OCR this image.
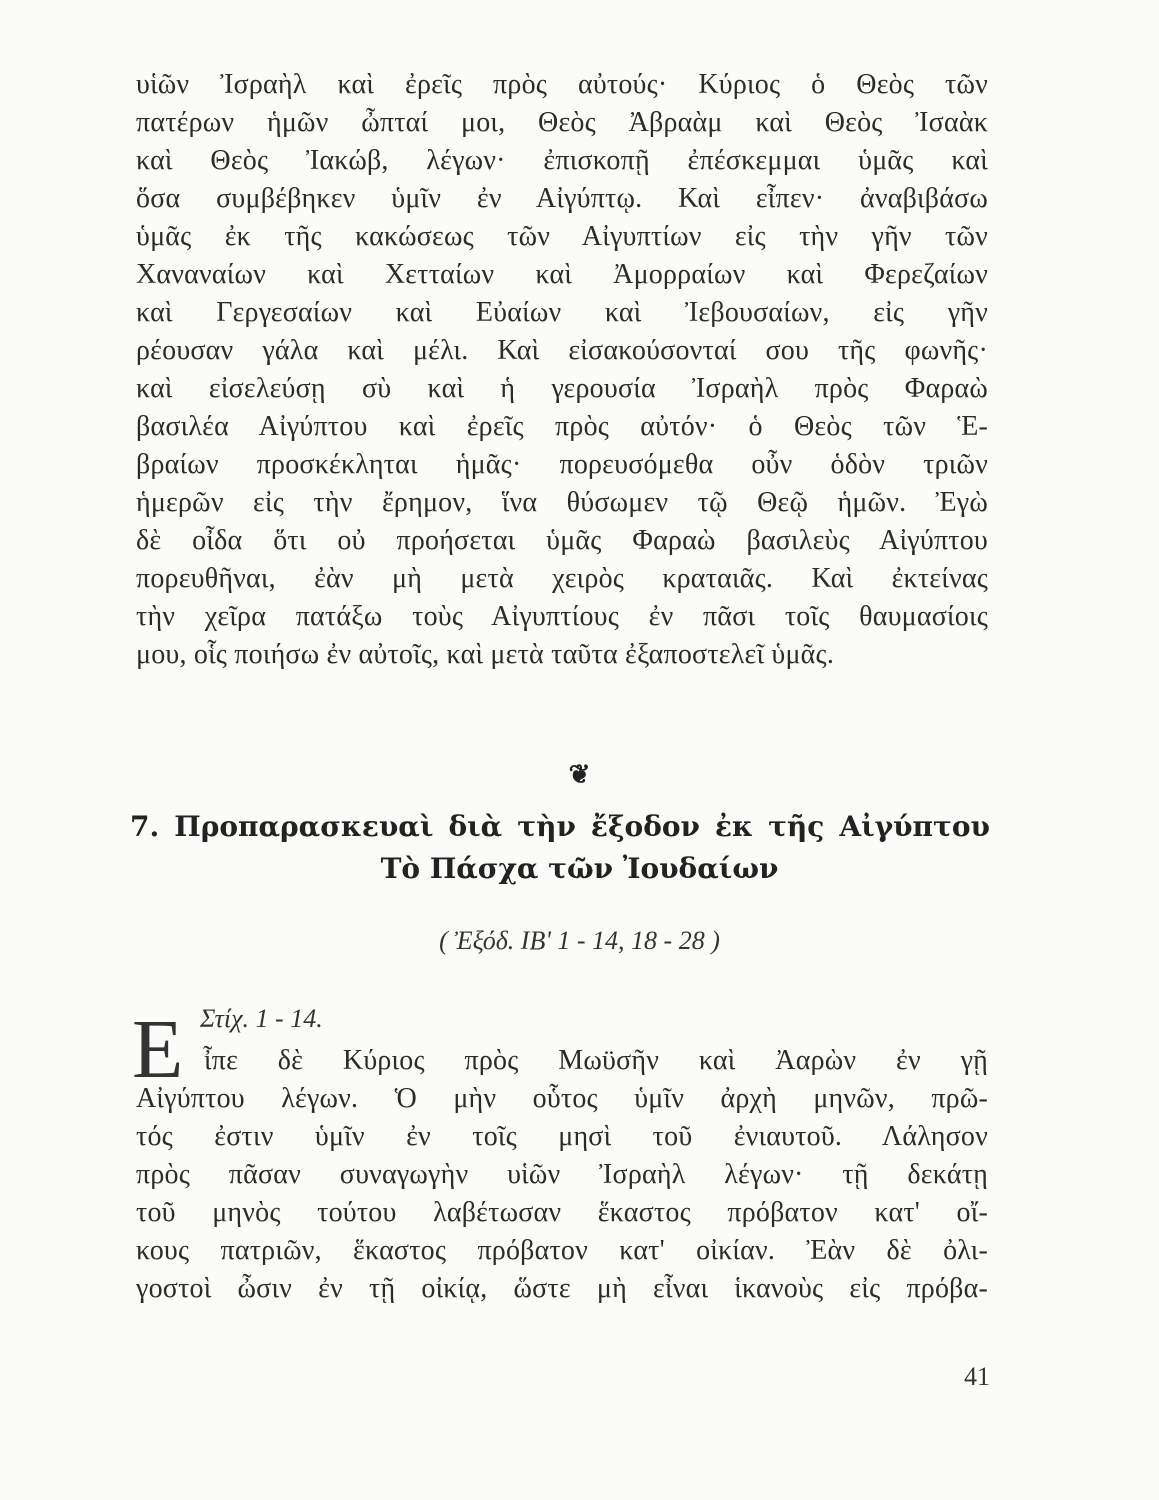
υἱῶν Ἰσραὴλ καὶ ἐρεῖς πρὸς αὐτούς· Κύριος ὁ Θεὸς τῶν
πατέρων ἡμῶν ὦπταί μοι, Θεὸς Ἀβραὰμ καὶ Θεὸς Ἰσαὰκ
καὶ Θεὸς Ἰακώβ, λέγων· ἐπισκοπῇ ἐπέσκεμμαι ὑμᾶς καὶ
ὅσα συμβέβηκεν ὑμῖν ἐν Αἰγύπτῳ. Καὶ εἶπεν· ἀναβιβάσω
ὑμᾶς ἐκ τῆς κακώσεως τῶν Αἰγυπτίων εἰς τὴν γῆν τῶν
Χαναναίων καὶ Χετταίων καὶ Ἀμορραίων καὶ Φερεζαίων
καὶ Γεργεσαίων καὶ Εὐαίων καὶ Ἰεβουσαίων, εἰς γῆν
ρέουσαν γάλα καὶ μέλι. Καὶ εἰσακούσονταί σου τῆς φωνῆς·
καὶ εἰσελεύσῃ σὺ καὶ ἡ γερουσία Ἰσραὴλ πρὸς Φαραὼ
βασιλέα Αἰγύπτου καὶ ἐρεῖς πρὸς αὐτόν· ὁ Θεὸς τῶν Ἑ-
βραίων προσκέκληται ἡμᾶς· πορευσόμεθα οὖν ὁδὸν τριῶν
ἡμερῶν εἰς τὴν ἔρημον, ἵνα θύσωμεν τῷ Θεῷ ἡμῶν. Ἐγὼ
δὲ οἶδα ὅτι οὐ προήσεται ὑμᾶς Φαραὼ βασιλεὺς Αἰγύπτου
πορευθῆναι, ἐὰν μὴ μετὰ χειρὸς κραταιᾶς. Καὶ ἐκτείνας
τὴν χεῖρα πατάξω τοὺς Αἰγυπτίους ἐν πᾶσι τοῖς θαυμασίοις
μου, οἷς ποιήσω ἐν αὐτοῖς, καὶ μετὰ ταῦτα ἐξαποστελεῖ ὑμᾶς.
❦
7. Προπαρασκευαὶ διὰ τὴν ἔξοδον ἐκ τῆς Αἰγύπτου
Τὸ Πάσχα τῶν Ἰουδαίων
( Ἐξόδ. ΙΒ' 1 - 14, 18 - 28 )
Ε Στίχ. 1 - 14.
ἶπε δὲ Κύριος πρὸς Μωϋσῆν καὶ Ἀαρὼν ἐν γῇ
Αἰγύπτου λέγων. Ὁ μὴν οὗτος ὑμῖν ἀρχὴ μηνῶν, πρῶ-
τός ἐστιν ὑμῖν ἐν τοῖς μησὶ τοῦ ἐνιαυτοῦ. Λάλησον
πρὸς πᾶσαν συναγωγὴν υἱῶν Ἰσραὴλ λέγων· τῇ δεκάτῃ
τοῦ μηνὸς τούτου λαβέτωσαν ἕκαστος πρόβατον κατ' οἴ-
κους πατριῶν, ἕκαστος πρόβατον κατ' οἰκίαν. Ἐὰν δὲ ὀλι-
γοστοὶ ὦσιν ἐν τῇ οἰκίᾳ, ὥστε μὴ εἶναι ἱκανοὺς εἰς πρόβα-
41
